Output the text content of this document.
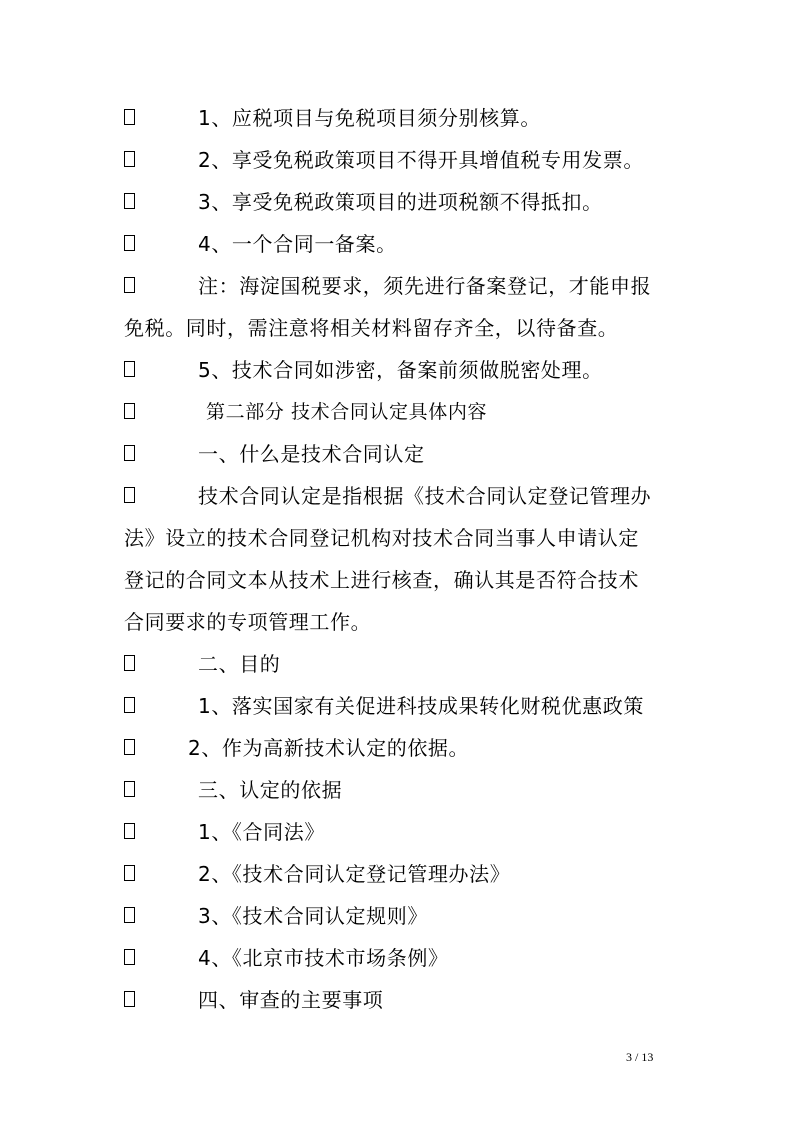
1、应税项目与免税项目须分别核算。
2、享受免税政策项目不得开具增值税专用发票。
3、享受免税政策项目的进项税额不得抵扣。
4、一个合同一备案。
注：海淀国税要求，须先进行备案登记，才能申报
免税。同时，需注意将相关材料留存齐全，以待备查。
5、技术合同如涉密，备案前须做脱密处理。
第二部分 技术合同认定具体内容
一、什么是技术合同认定
技术合同认定是指根据《技术合同认定登记管理办
法》设立的技术合同登记机构对技术合同当事人申请认定
登记的合同文本从技术上进行核查，确认其是否符合技术
合同要求的专项管理工作。
二、目的
1、落实国家有关促进科技成果转化财税优惠政策
2、作为高新技术认定的依据。
三、认定的依据
1、《合同法》
2、《技术合同认定登记管理办法》
3、《技术合同认定规则》
4、《北京市技术市场条例》
四、审查的主要事项
3 / 13
